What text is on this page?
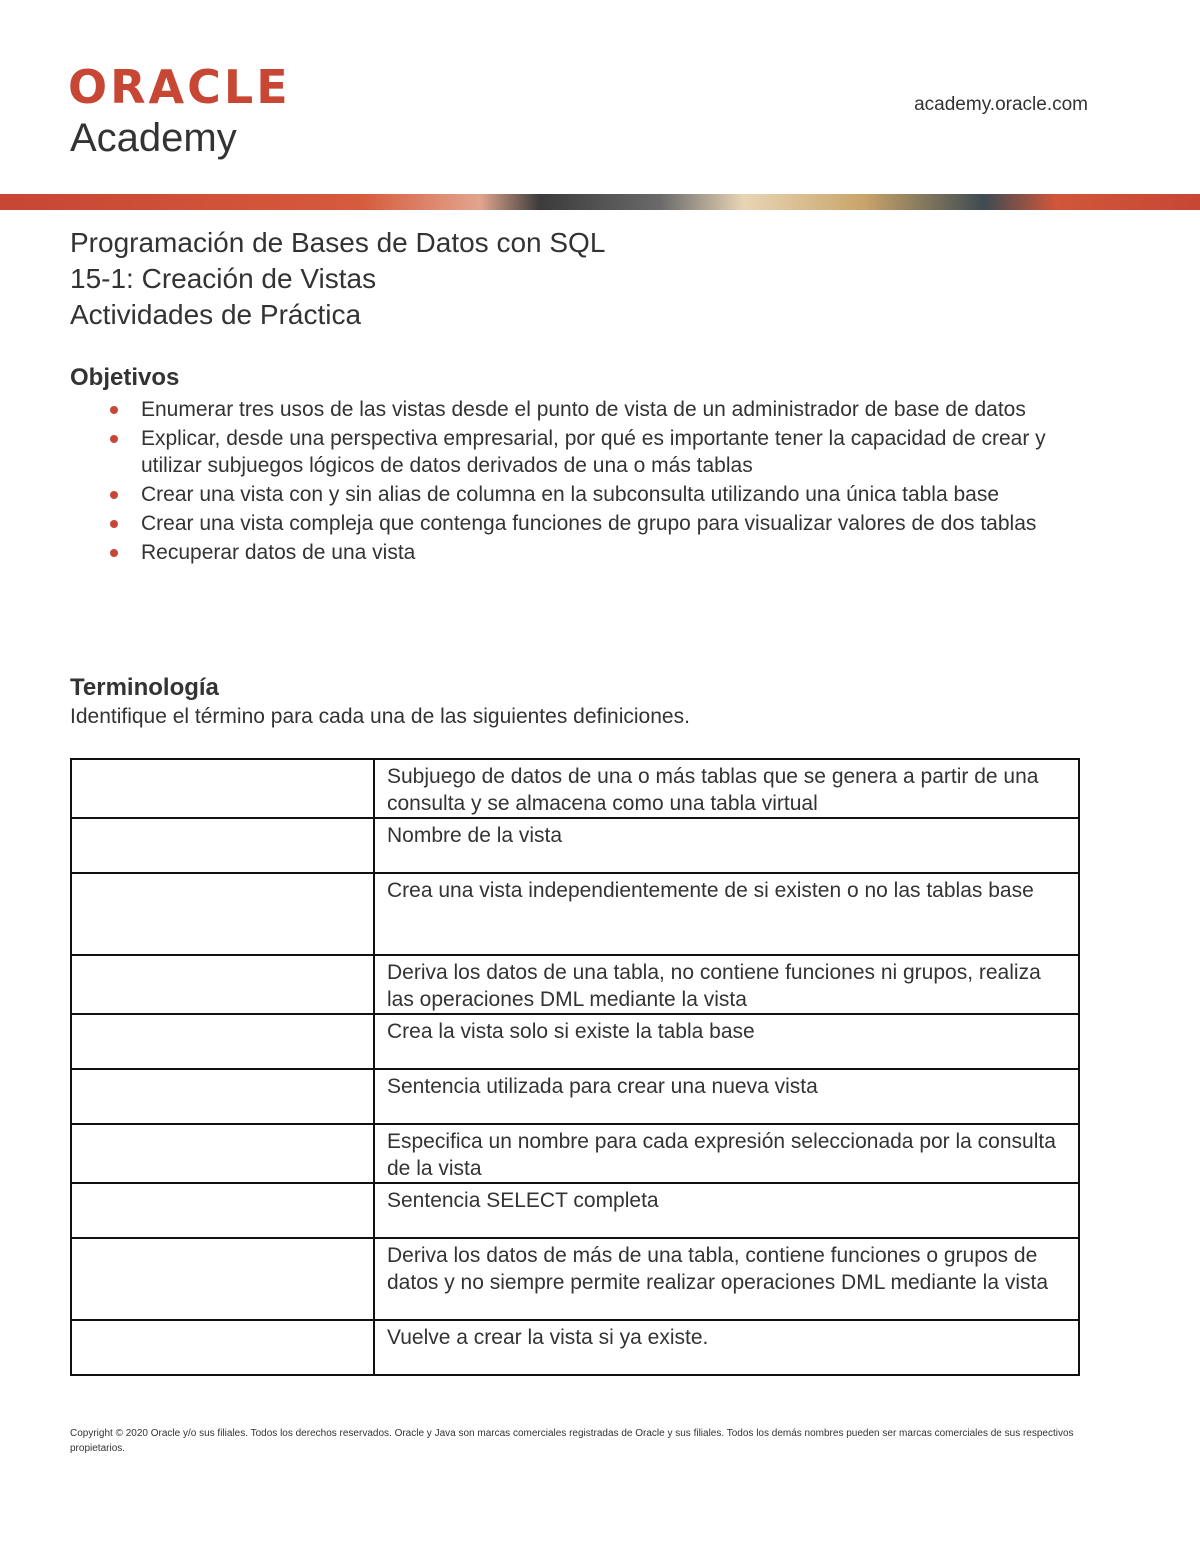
ORACLE
Academy
academy.oracle.com
Programación de Bases de Datos con SQL
15-1: Creación de Vistas
Actividades de Práctica
Objetivos
Enumerar tres usos de las vistas desde el punto de vista de un administrador de base de datos
Explicar, desde una perspectiva empresarial, por qué es importante tener la capacidad de crear y utilizar subjuegos lógicos de datos derivados de una o más tablas
Crear una vista con y sin alias de columna en la subconsulta utilizando una única tabla base
Crear una vista compleja que contenga funciones de grupo para visualizar valores de dos tablas
Recuperar datos de una vista
Terminología
Identifique el término para cada una de las siguientes definiciones.
	Subjuego de datos de una o más tablas que se genera a partir de una consulta y se almacena como una tabla virtual
	Nombre de la vista
	Crea una vista independientemente de si existen o no las tablas base
	Deriva los datos de una tabla, no contiene funciones ni grupos, realiza las operaciones DML mediante la vista
	Crea la vista solo si existe la tabla base
	Sentencia utilizada para crear una nueva vista
	Especifica un nombre para cada expresión seleccionada por la consulta de la vista
	Sentencia SELECT completa
	Deriva los datos de más de una tabla, contiene funciones o grupos de datos y no siempre permite realizar operaciones DML mediante la vista
	Vuelve a crear la vista si ya existe.
Copyright © 2020 Oracle y/o sus filiales. Todos los derechos reservados. Oracle y Java son marcas comerciales registradas de Oracle y sus filiales. Todos los demás nombres pueden ser marcas comerciales de sus respectivos propietarios.
